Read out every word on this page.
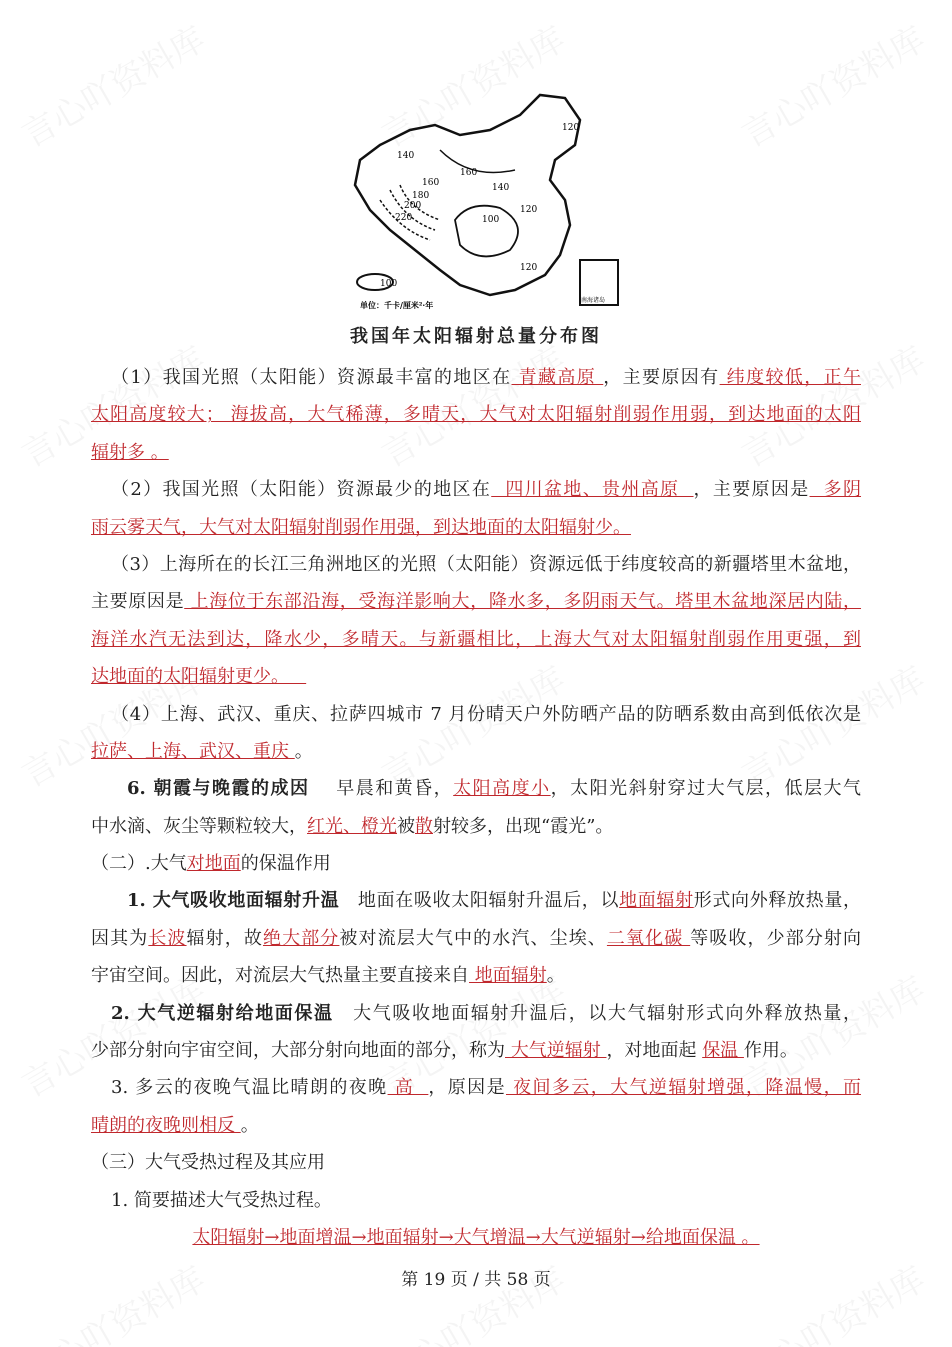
140
160
180
200
220	100
160
140
120
100
120
120
单位：千卡/厘米²·年	南海诸岛
我国年太阳辐射总量分布图
（1）我国光照（太阳能）资源最丰富的地区在 青藏高原 ，主要原因有 纬度较低，正午
太阳高度较大； 海拔高，大气稀薄，多晴天，大气对太阳辐射削弱作用弱，到达地面的太阳
辐射多 。
（2）我国光照（太阳能）资源最少的地区在  四川盆地、贵州高原  ，主要原因是  多阴
雨云雾天气，大气对太阳辐射削弱作用强，到达地面的太阳辐射少。
（3）上海所在的长江三角洲地区的光照（太阳能）资源远低于纬度较高的新疆塔里木盆地，
主要原因是 上海位于东部沿海，受海洋影响大，降水多，多阴雨天气。塔里木盆地深居内陆，
海洋水汽无法到达，降水少，多晴天。与新疆相比，上海大气对太阳辐射削弱作用更强，到
达地面的太阳辐射更少。
（4）上海、武汉、重庆、拉萨四城市 7 月份晴天户外防晒产品的防晒系数由高到低依次是
拉萨、上海、武汉、重庆 。
6. 朝霞与晚霞的成因　 早晨和黄昏，太阳高度小，太阳光斜射穿过大气层，低层大气
中水滴、灰尘等颗粒较大，红光、橙光被散射较多，出现“霞光”。
（二）.大气对地面的保温作用
1. 大气吸收地面辐射升温　地面在吸收太阳辐射升温后，以地面辐射形式向外释放热量，
因其为长波辐射，故绝大部分被对流层大气中的水汽、尘埃、二氧化碳 等吸收，少部分射向
宇宙空间。因此，对流层大气热量主要直接来自 地面辐射。
2. 大气逆辐射给地面保温　大气吸收地面辐射升温后，以大气辐射形式向外释放热量，
少部分射向宇宙空间，大部分射向地面的部分，称为 大气逆辐射 ，对地面起 保温 作用。
3. 多云的夜晚气温比晴朗的夜晚 高  ，原因是 夜间多云，大气逆辐射增强，降温慢，而
晴朗的夜晚则相反 。
（三）大气受热过程及其应用
1. 简要描述大气受热过程。
太阳辐射→地面增温→地面辐射→大气增温→大气逆辐射→给地面保温 。
第 19 页 / 共 58 页
